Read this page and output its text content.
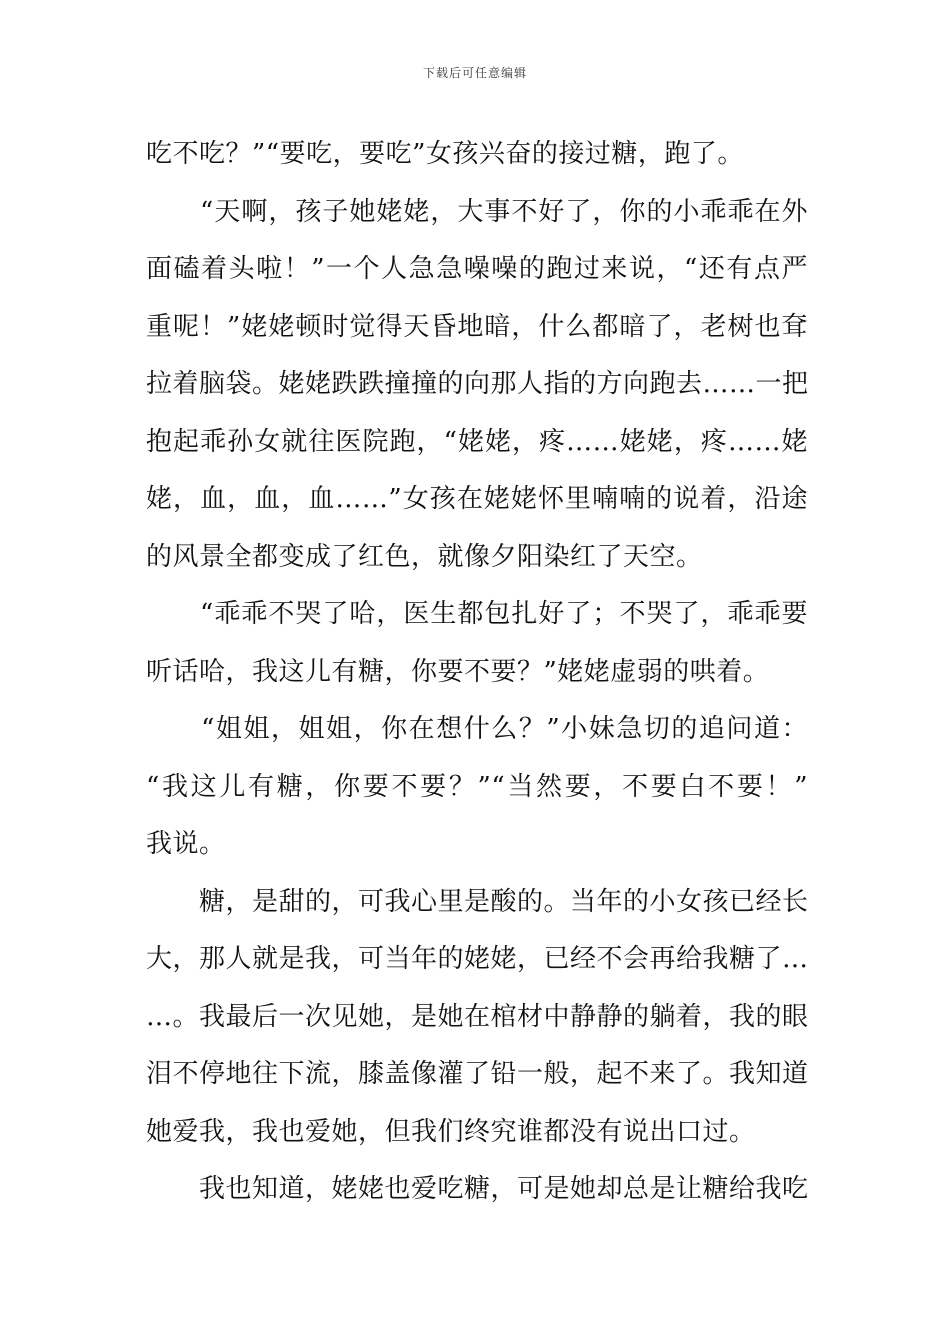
下载后可任意编辑
吃不吃？”“要吃，要吃”女孩兴奋的接过糖，跑了。
　　“天啊，孩子她姥姥，大事不好了，你的小乖乖在外
面磕着头啦！”一个人急急噪噪的跑过来说，“还有点严
重呢！”姥姥顿时觉得天昏地暗，什么都暗了，老树也耷
拉着脑袋。姥姥跌跌撞撞的向那人指的方向跑去……一把
抱起乖孙女就往医院跑，“姥姥，疼……姥姥，疼……姥
姥，血，血，血……”女孩在姥姥怀里喃喃的说着，沿途
的风景全都变成了红色，就像夕阳染红了天空。
　　“乖乖不哭了哈，医生都包扎好了；不哭了，乖乖要
听话哈，我这儿有糖，你要不要？”姥姥虚弱的哄着。
　　“姐姐，姐姐，你在想什么？”小妹急切的追问道：
“我这儿有糖，你要不要？”“当然要，不要白不要！”
我说。
　　糖，是甜的，可我心里是酸的。当年的小女孩已经长
大，那人就是我，可当年的姥姥，已经不会再给我糖了…
…。我最后一次见她，是她在棺材中静静的躺着，我的眼
泪不停地往下流，膝盖像灌了铅一般，起不来了。我知道
她爱我，我也爱她，但我们终究谁都没有说出口过。
　　我也知道，姥姥也爱吃糖，可是她却总是让糖给我吃
